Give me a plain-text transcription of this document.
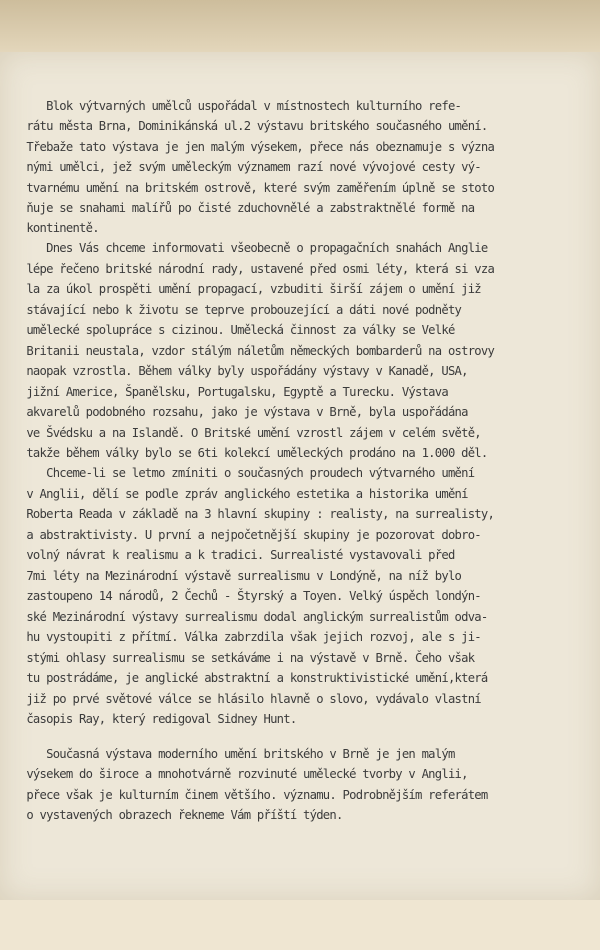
Blok výtvarných umělců uspořádal v místnostech kulturního refe-

rátu města Brna, Dominikánská ul.2 výstavu britského současného umění.

Třebaže tato výstava je jen malým výsekem, přece nás obeznamuje s význa

nými umělci, jež svým uměleckým významem razí nové vývojové cesty vý-

tvarnému umění na britském ostrově, které svým zaměřením úplně se stoto

ňuje se snahami malířů po čisté zduchovnělé a zabstraktnělé formě na

kontinentě.

Dnes Vás chceme informovati všeobecně o propagačních snahách Anglie

lépe řečeno britské národní rady, ustavené před osmi léty, která si vza

la za úkol prospěti umění propagací, vzbuditi širší zájem o umění již

stávající nebo k životu se teprve probouzející a dáti nové podněty

umělecké spolupráce s cizinou. Umělecká činnost za války se Velké

Britanii neustala, vzdor stálým náletům německých bombarderů na ostrovy

naopak vzrostla. Během války byly uspořádány výstavy v Kanadě, USA,

jižní Americe, Španělsku, Portugalsku, Egyptě a Turecku. Výstava

akvarelů podobného rozsahu, jako je výstava v Brně, byla uspořádána

ve Švédsku a na Islandě. O Britské umění vzrostl zájem v celém světě,

takže během války bylo se 6ti kolekcí uměleckých prodáno na 1.000 děl.

Chceme-li se letmo zmíniti o současných proudech výtvarného umění

v Anglii, dělí se podle zpráv anglického estetika a historika umění

Roberta Reada v základě na 3 hlavní skupiny : realisty, na surrealisty,

a abstraktivisty. U první a nejpočetnější skupiny je pozorovat dobro-

volný návrat k realismu a k tradici. Surrealisté vystavovali před

7mi léty na Mezinárodní výstavě surrealismu v Londýně, na níž bylo

zastoupeno 14 národů, 2 Čechů - Štyrský a Toyen. Velký úspěch londýn-

ské Mezinárodní výstavy surrealismu dodal anglickým surrealistům odva-

hu vystoupiti z přítmí. Válka zabrzdila však jejich rozvoj, ale s ji-

stými ohlasy surrealismu se setkáváme i na výstavě v Brně. Čeho však

tu postrádáme, je anglické abstraktní a konstruktivistické umění,která

již po prvé světové válce se hlásilo hlavně o slovo, vydávalo vlastní

časopis Ray, který redigoval Sidney Hunt.

Současná výstava moderního umění britského v Brně je jen malým

výsekem do široce a mnohotvárně rozvinuté umělecké tvorby v Anglii,

přece však je kulturním činem většího. významu. Podrobnějším referátem

o vystavených obrazech řekneme Vám příští týden.
